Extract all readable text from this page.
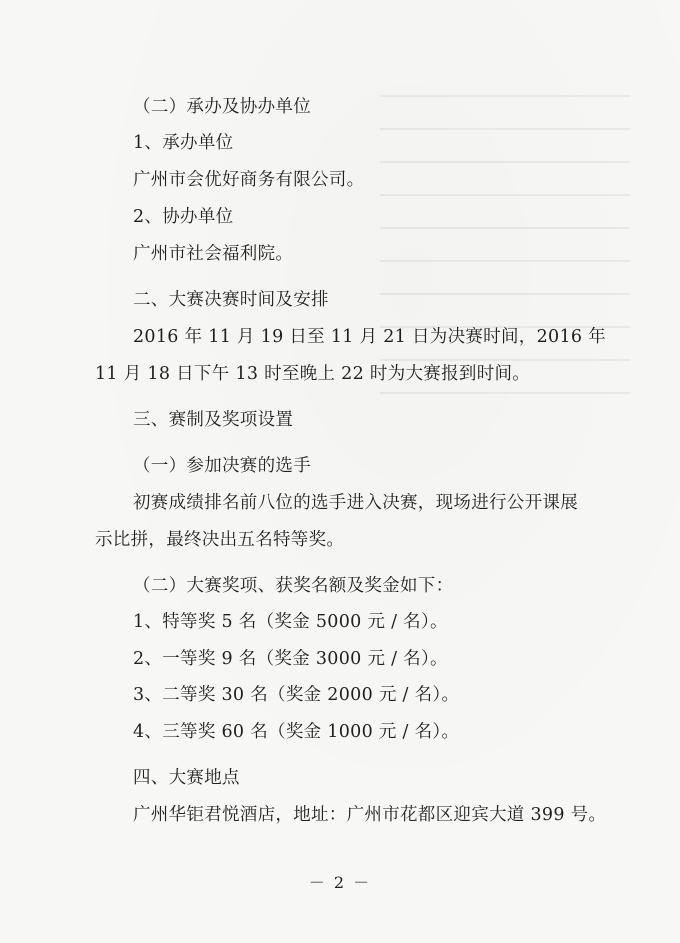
（二）承办及协办单位
1、承办单位
广州市会优好商务有限公司。
2、协办单位
广州市社会福利院。
二、大赛决赛时间及安排
2016 年 11 月 19 日至 11 月 21 日为决赛时间，2016 年
11 月 18 日下午 13 时至晚上 22 时为大赛报到时间。
三、赛制及奖项设置
（一）参加决赛的选手
初赛成绩排名前八位的选手进入决赛，现场进行公开课展
示比拼，最终决出五名特等奖。
（二）大赛奖项、获奖名额及奖金如下：
1、特等奖 5 名（奖金 5000 元 / 名）。
2、一等奖 9 名（奖金 3000 元 / 名）。
3、二等奖 30 名（奖金 2000 元 / 名）。
4、三等奖 60 名（奖金 1000 元 / 名）。
四、大赛地点
广州华钜君悦酒店，地址：广州市花都区迎宾大道 399 号。
－ 2 －
